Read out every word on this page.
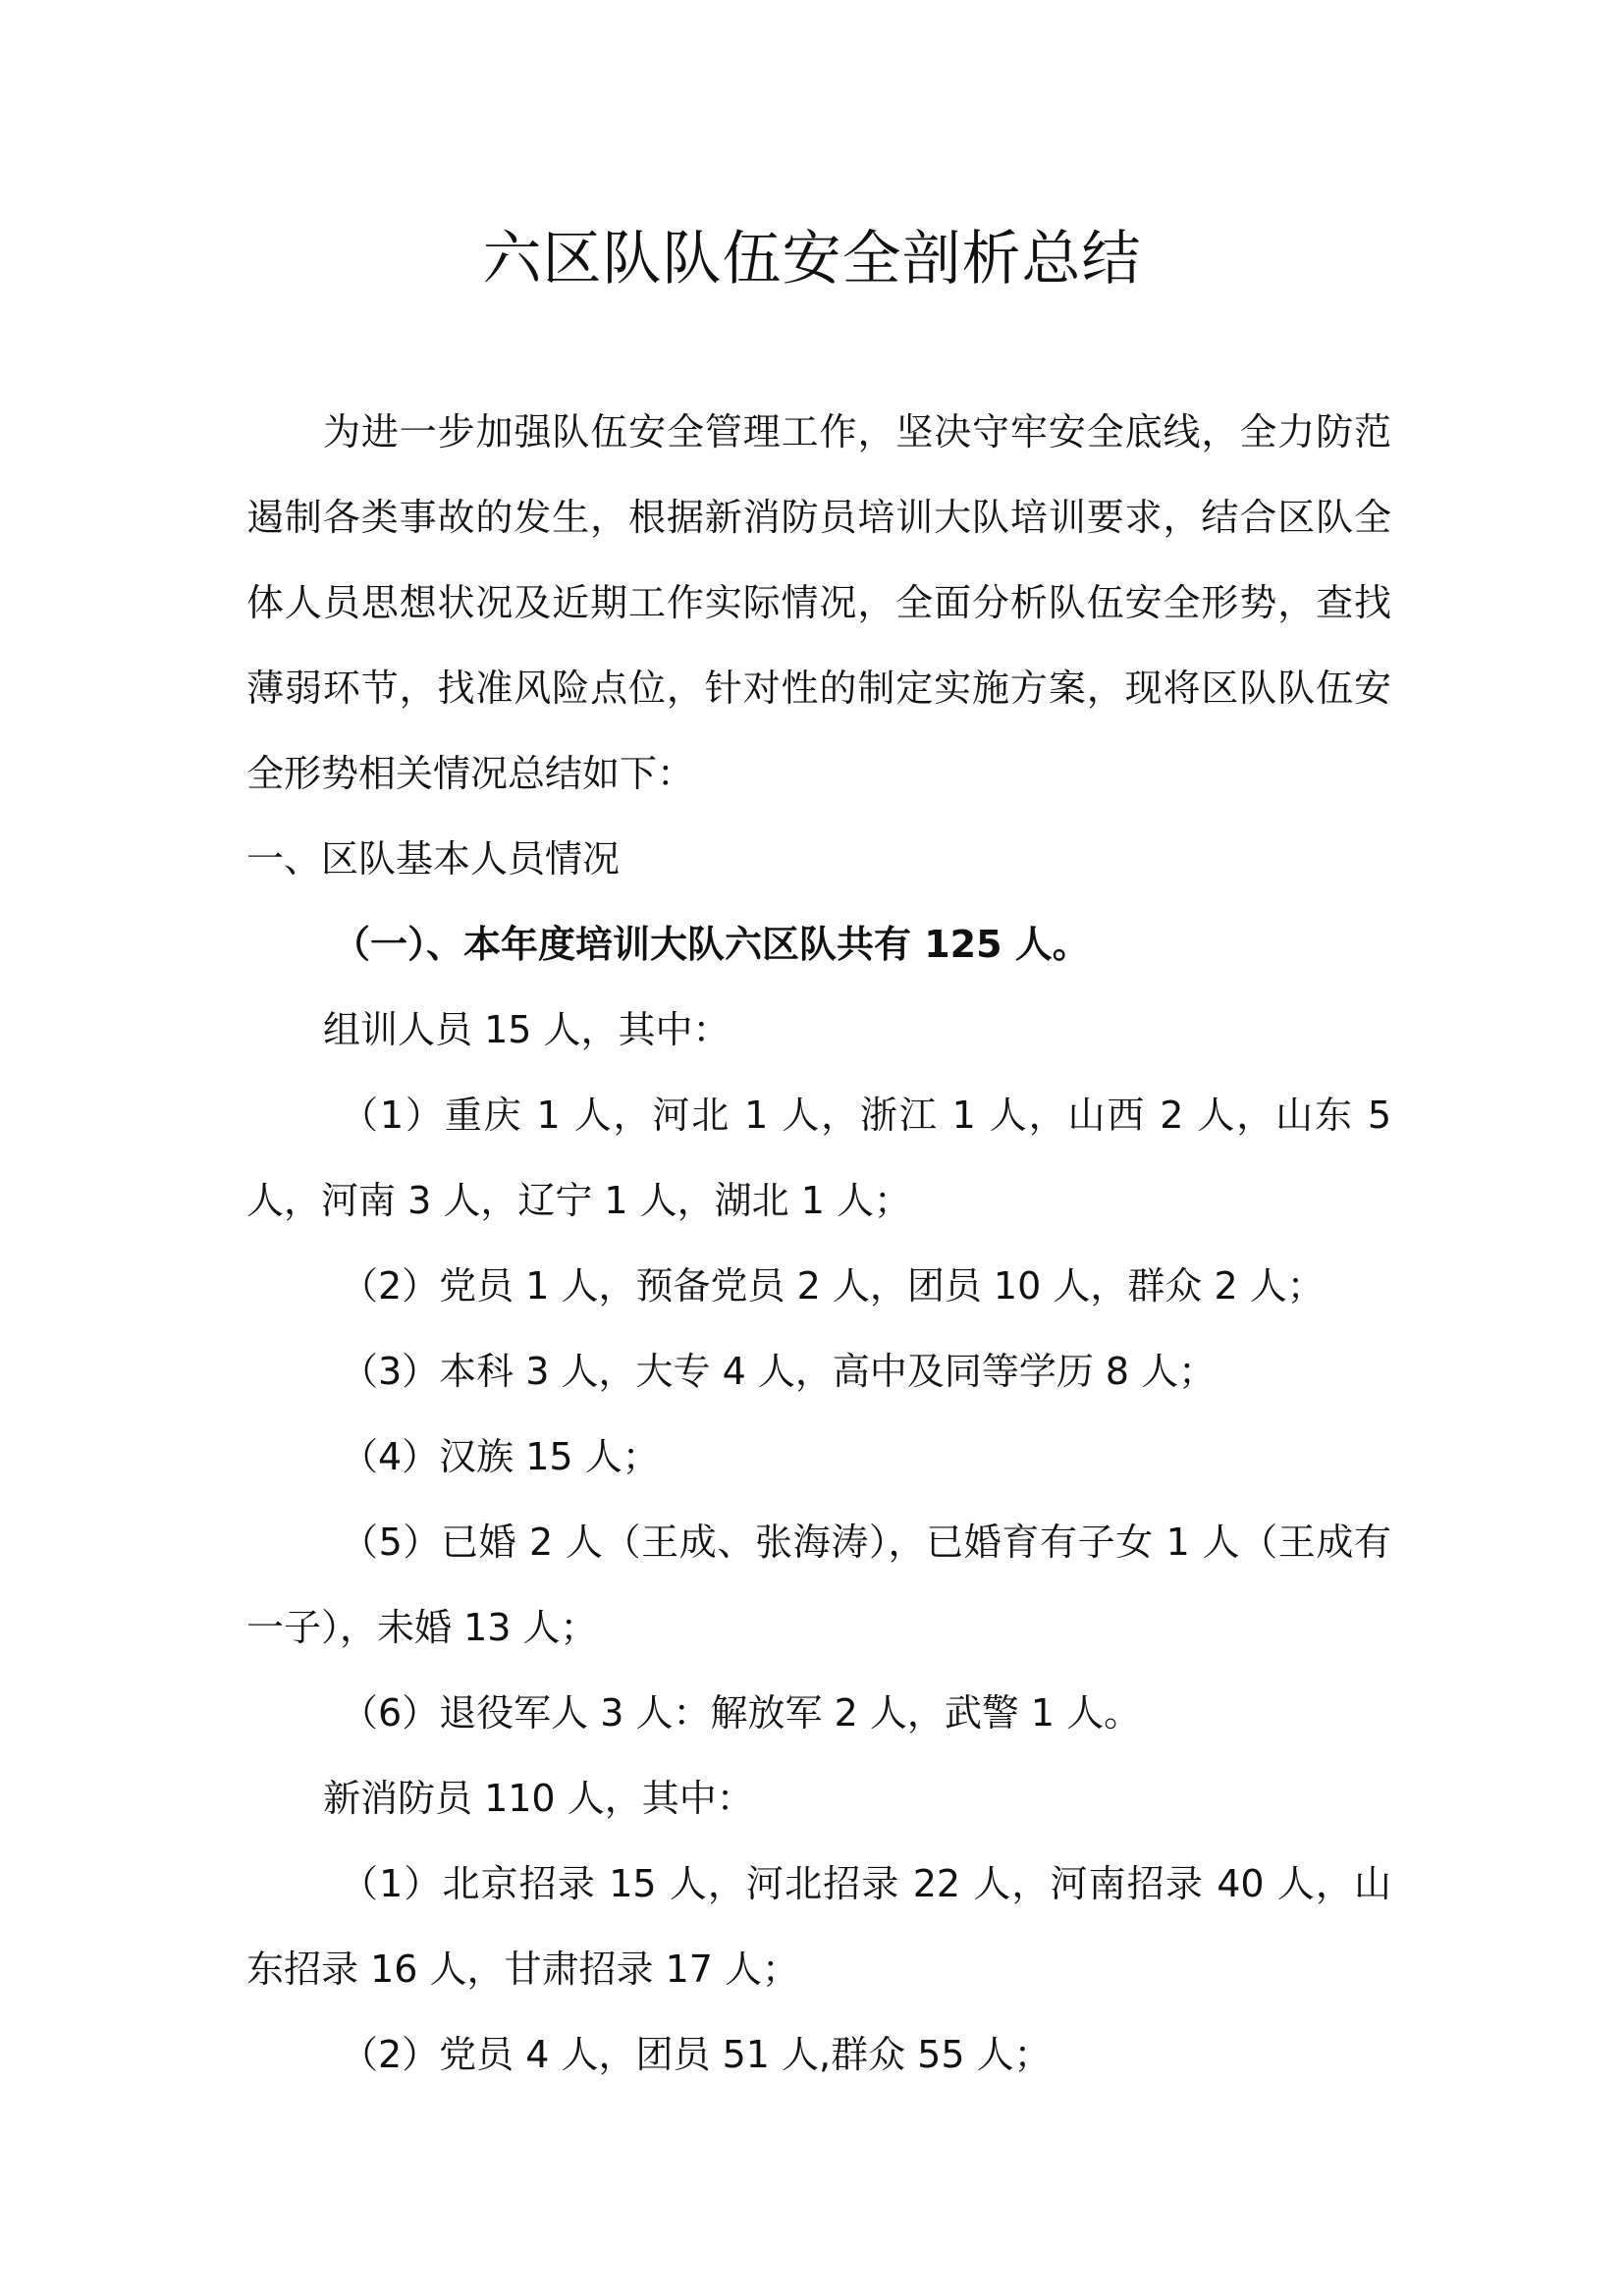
六区队队伍安全剖析总结

为进一步加强队伍安全管理工作，坚决守牢安全底线，全力防范遏制各类事故的发生，根据新消防员培训大队培训要求，结合区队全体人员思想状况及近期工作实际情况，全面分析队伍安全形势，查找薄弱环节，找准风险点位，针对性的制定实施方案，现将区队队伍安全形势相关情况总结如下：

一、区队基本人员情况

（一）、本年度培训大队六区队共有 125 人。

组训人员 15 人，其中：

（1）重庆 1 人，河北 1 人，浙江 1 人，山西 2 人，山东 5 人，河南 3 人，辽宁 1 人，湖北 1 人；

（2）党员 1 人，预备党员 2 人，团员 10 人，群众 2 人；

（3）本科 3 人，大专 4 人，高中及同等学历 8 人；

（4）汉族 15 人；

（5）已婚 2 人（王成、张海涛），已婚育有子女 1 人（王成有一子），未婚 13 人；

（6）退役军人 3 人：解放军 2 人，武警 1 人。

新消防员 110 人，其中：

（1）北京招录 15 人，河北招录 22 人，河南招录 40 人，山东招录 16 人，甘肃招录 17 人；

（2）党员 4 人，团员 51 人,群众 55 人；
